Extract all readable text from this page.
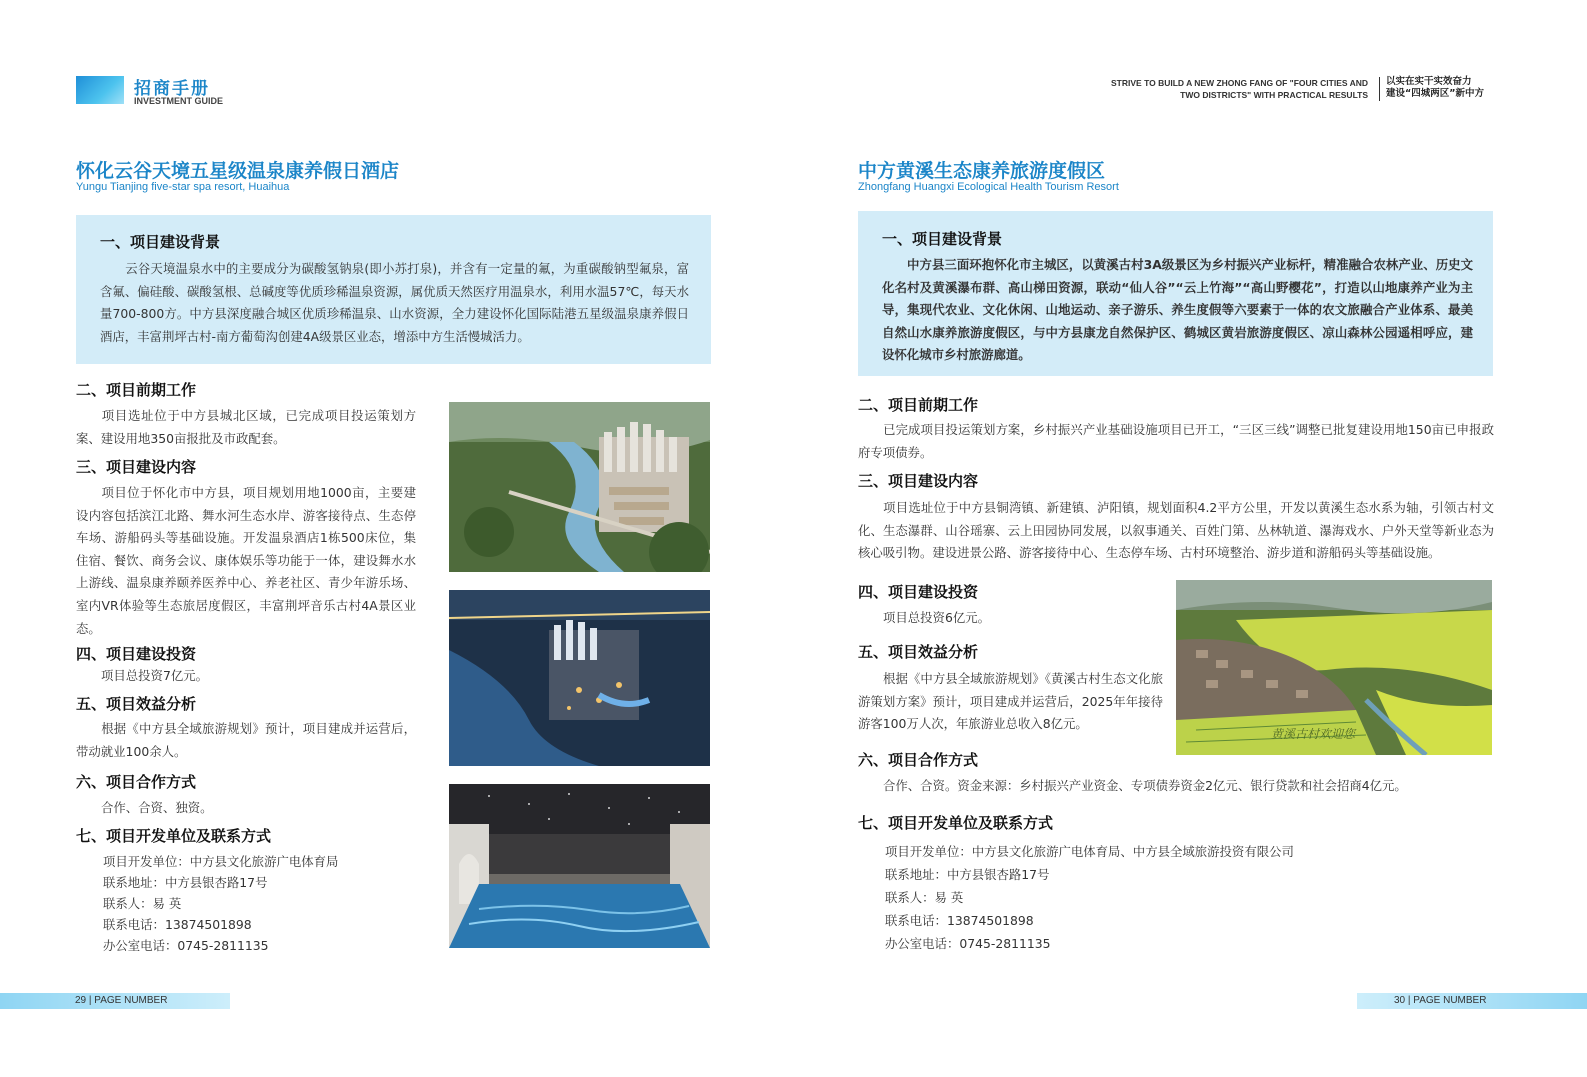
招商手册
INVESTMENT GUIDE
怀化云谷天境五星级温泉康养假日酒店
Yungu Tianjing five-star spa resort, Huaihua
一、项目建设背景
云谷天境温泉水中的主要成分为碳酸氢钠泉(即小苏打泉)，并含有一定量的氟，为重碳酸钠型氟泉，富含氟、偏硅酸、碳酸氢根、总碱度等优质珍稀温泉资源，属优质天然医疗用温泉水，利用水温57℃，每天水量700-800方。中方县深度融合城区优质珍稀温泉、山水资源，全力建设怀化国际陆港五星级温泉康养假日酒店，丰富荆坪古村-南方葡萄沟创建4A级景区业态，增添中方生活慢城活力。
二、项目前期工作
项目选址位于中方县城北区域，已完成项目投运策划方案、建设用地350亩报批及市政配套。
三、项目建设内容
项目位于怀化市中方县，项目规划用地1000亩，主要建设内容包括滨江北路、舞水河生态水岸、游客接待点、生态停车场、游船码头等基础设施。开发温泉酒店1栋500床位，集住宿、餐饮、商务会议、康体娱乐等功能于一体，建设舞水水上游线、温泉康养颐养医养中心、养老社区、青少年游乐场、室内VR体验等生态旅居度假区，丰富荆坪音乐古村4A景区业态。
四、项目建设投资
项目总投资7亿元。
五、项目效益分析
根据《中方县全域旅游规划》预计，项目建成并运营后，带动就业100余人。
六、项目合作方式
合作、合资、独资。
七、项目开发单位及联系方式
项目开发单位：中方县文化旅游广电体育局
联系地址：中方县银杏路17号
联系人：易 英
联系电话：13874501898
办公室电话：0745-2811135
29 | PAGE NUMBER
STRIVE TO BUILD A NEW ZHONG FANG OF "FOUR CITIES AND
TWO DISTRICTS" WITH PRACTICAL RESULTS
以实在实干实效奋力
建设“四城两区”新中方
中方黄溪生态康养旅游度假区
Zhongfang Huangxi Ecological Health Tourism Resort
一、项目建设背景
中方县三面环抱怀化市主城区，以黄溪古村3A级景区为乡村振兴产业标杆，精准融合农林产业、历史文化名村及黄溪瀑布群、高山梯田资源，联动“仙人谷”“云上竹海”“高山野樱花”，打造以山地康养产业为主导，集现代农业、文化休闲、山地运动、亲子游乐、养生度假等六要素于一体的农文旅融合产业体系、最美自然山水康养旅游度假区，与中方县康龙自然保护区、鹤城区黄岩旅游度假区、凉山森林公园遥相呼应，建设怀化城市乡村旅游廊道。
二、项目前期工作
已完成项目投运策划方案，乡村振兴产业基础设施项目已开工，“三区三线”调整已批复建设用地150亩已申报政府专项债券。
三、项目建设内容
项目选址位于中方县铜湾镇、新建镇、泸阳镇，规划面积4.2平方公里，开发以黄溪生态水系为轴，引领古村文化、生态瀑群、山谷瑶寨、云上田园协同发展，以叙事通关、百姓门第、丛林轨道、瀑海戏水、户外天堂等新业态为核心吸引物。建设进景公路、游客接待中心、生态停车场、古村环境整治、游步道和游船码头等基础设施。
四、项目建设投资
项目总投资6亿元。
五、项目效益分析
根据《中方县全域旅游规划》《黄溪古村生态文化旅游策划方案》预计，项目建成并运营后，2025年年接待游客100万人次，年旅游业总收入8亿元。
黄溪古村欢迎您
六、项目合作方式
合作、合资。资金来源：乡村振兴产业资金、专项债券资金2亿元、银行贷款和社会招商4亿元。
七、项目开发单位及联系方式
项目开发单位：中方县文化旅游广电体育局、中方县全域旅游投资有限公司
联系地址：中方县银杏路17号
联系人：易 英
联系电话：13874501898
办公室电话：0745-2811135
30 | PAGE NUMBER
